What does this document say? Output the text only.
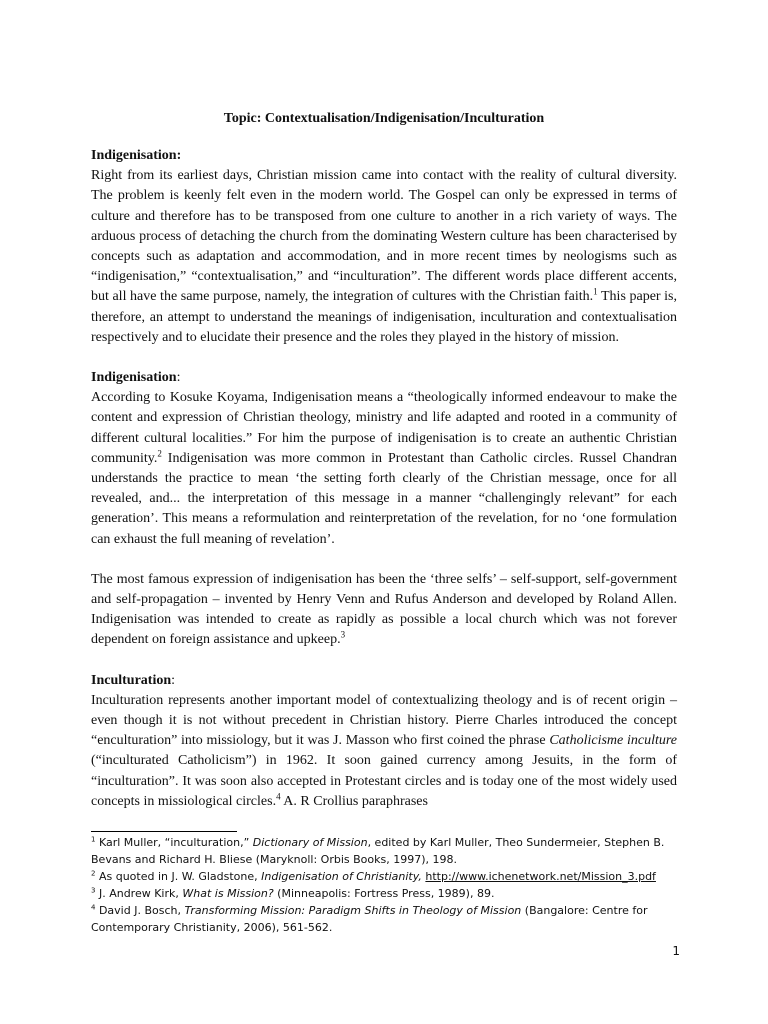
Topic: Contextualisation/Indigenisation/Inculturation

Indigenisation:

Right from its earliest days, Christian mission came into contact with the reality of cultural diversity. The problem is keenly felt even in the modern world. The Gospel can only be expressed in terms of culture and therefore has to be transposed from one culture to another in a rich variety of ways. The arduous process of detaching the church from the dominating Western culture has been characterised by concepts such as adaptation and accommodation, and in more recent times by neologisms such as “indigenisation,” “contextualisation,” and “inculturation”. The different words place different accents, but all have the same purpose, namely, the integration of cultures with the Christian faith.$^1$ This paper is, therefore, an attempt to understand the meanings of indigenisation, inculturation and contextualisation respectively and to elucidate their presence and the roles they played in the history of mission.

Indigenisation:

According to Kosuke Koyama, Indigenisation means a “theologically informed endeavour to make the content and expression of Christian theology, ministry and life adapted and rooted in a community of different cultural localities.” For him the purpose of indigenisation is to create an authentic Christian community.$^2$ Indigenisation was more common in Protestant than Catholic circles. Russel Chandran understands the practice to mean ‘the setting forth clearly of the Christian message, once for all revealed, and... the interpretation of this message in a manner “challengingly relevant” for each generation’. This means a reformulation and reinterpretation of the revelation, for no ‘one formulation can exhaust the full meaning of revelation’.

The most famous expression of indigenisation has been the ‘three selfs’ – self-support, self-government and self-propagation – invented by Henry Venn and Rufus Anderson and developed by Roland Allen. Indigenisation was intended to create as rapidly as possible a local church which was not forever dependent on foreign assistance and upkeep.$^3$

Inculturation:

Inculturation represents another important model of contextualizing theology and is of recent origin – even though it is not without precedent in Christian history. Pierre Charles introduced the concept “enculturation” into missiology, but it was J. Masson who first coined the phrase Catholicisme inculture (“inculturated Catholicism”) in 1962. It soon gained currency among Jesuits, in the form of “inculturation”. It was soon also accepted in Protestant circles and is today one of the most widely used concepts in missiological circles.$^4$ A. R Crollius paraphrases

$^1$ Karl Muller, “inculturation,” Dictionary of Mission, edited by Karl Muller, Theo Sundermeier, Stephen B. Bevans and Richard H. Bliese (Maryknoll: Orbis Books, 1997), 198.

$^2$ As quoted in J. W. Gladstone, Indigenisation of Christianity, http://www.ichenetwork.net/Mission_3.pdf

$^3$ J. Andrew Kirk, What is Mission? (Minneapolis: Fortress Press, 1989), 89.

$^4$ David J. Bosch, Transforming Mission: Paradigm Shifts in Theology of Mission (Bangalore: Centre for Contemporary Christianity, 2006), 561-562.

1
